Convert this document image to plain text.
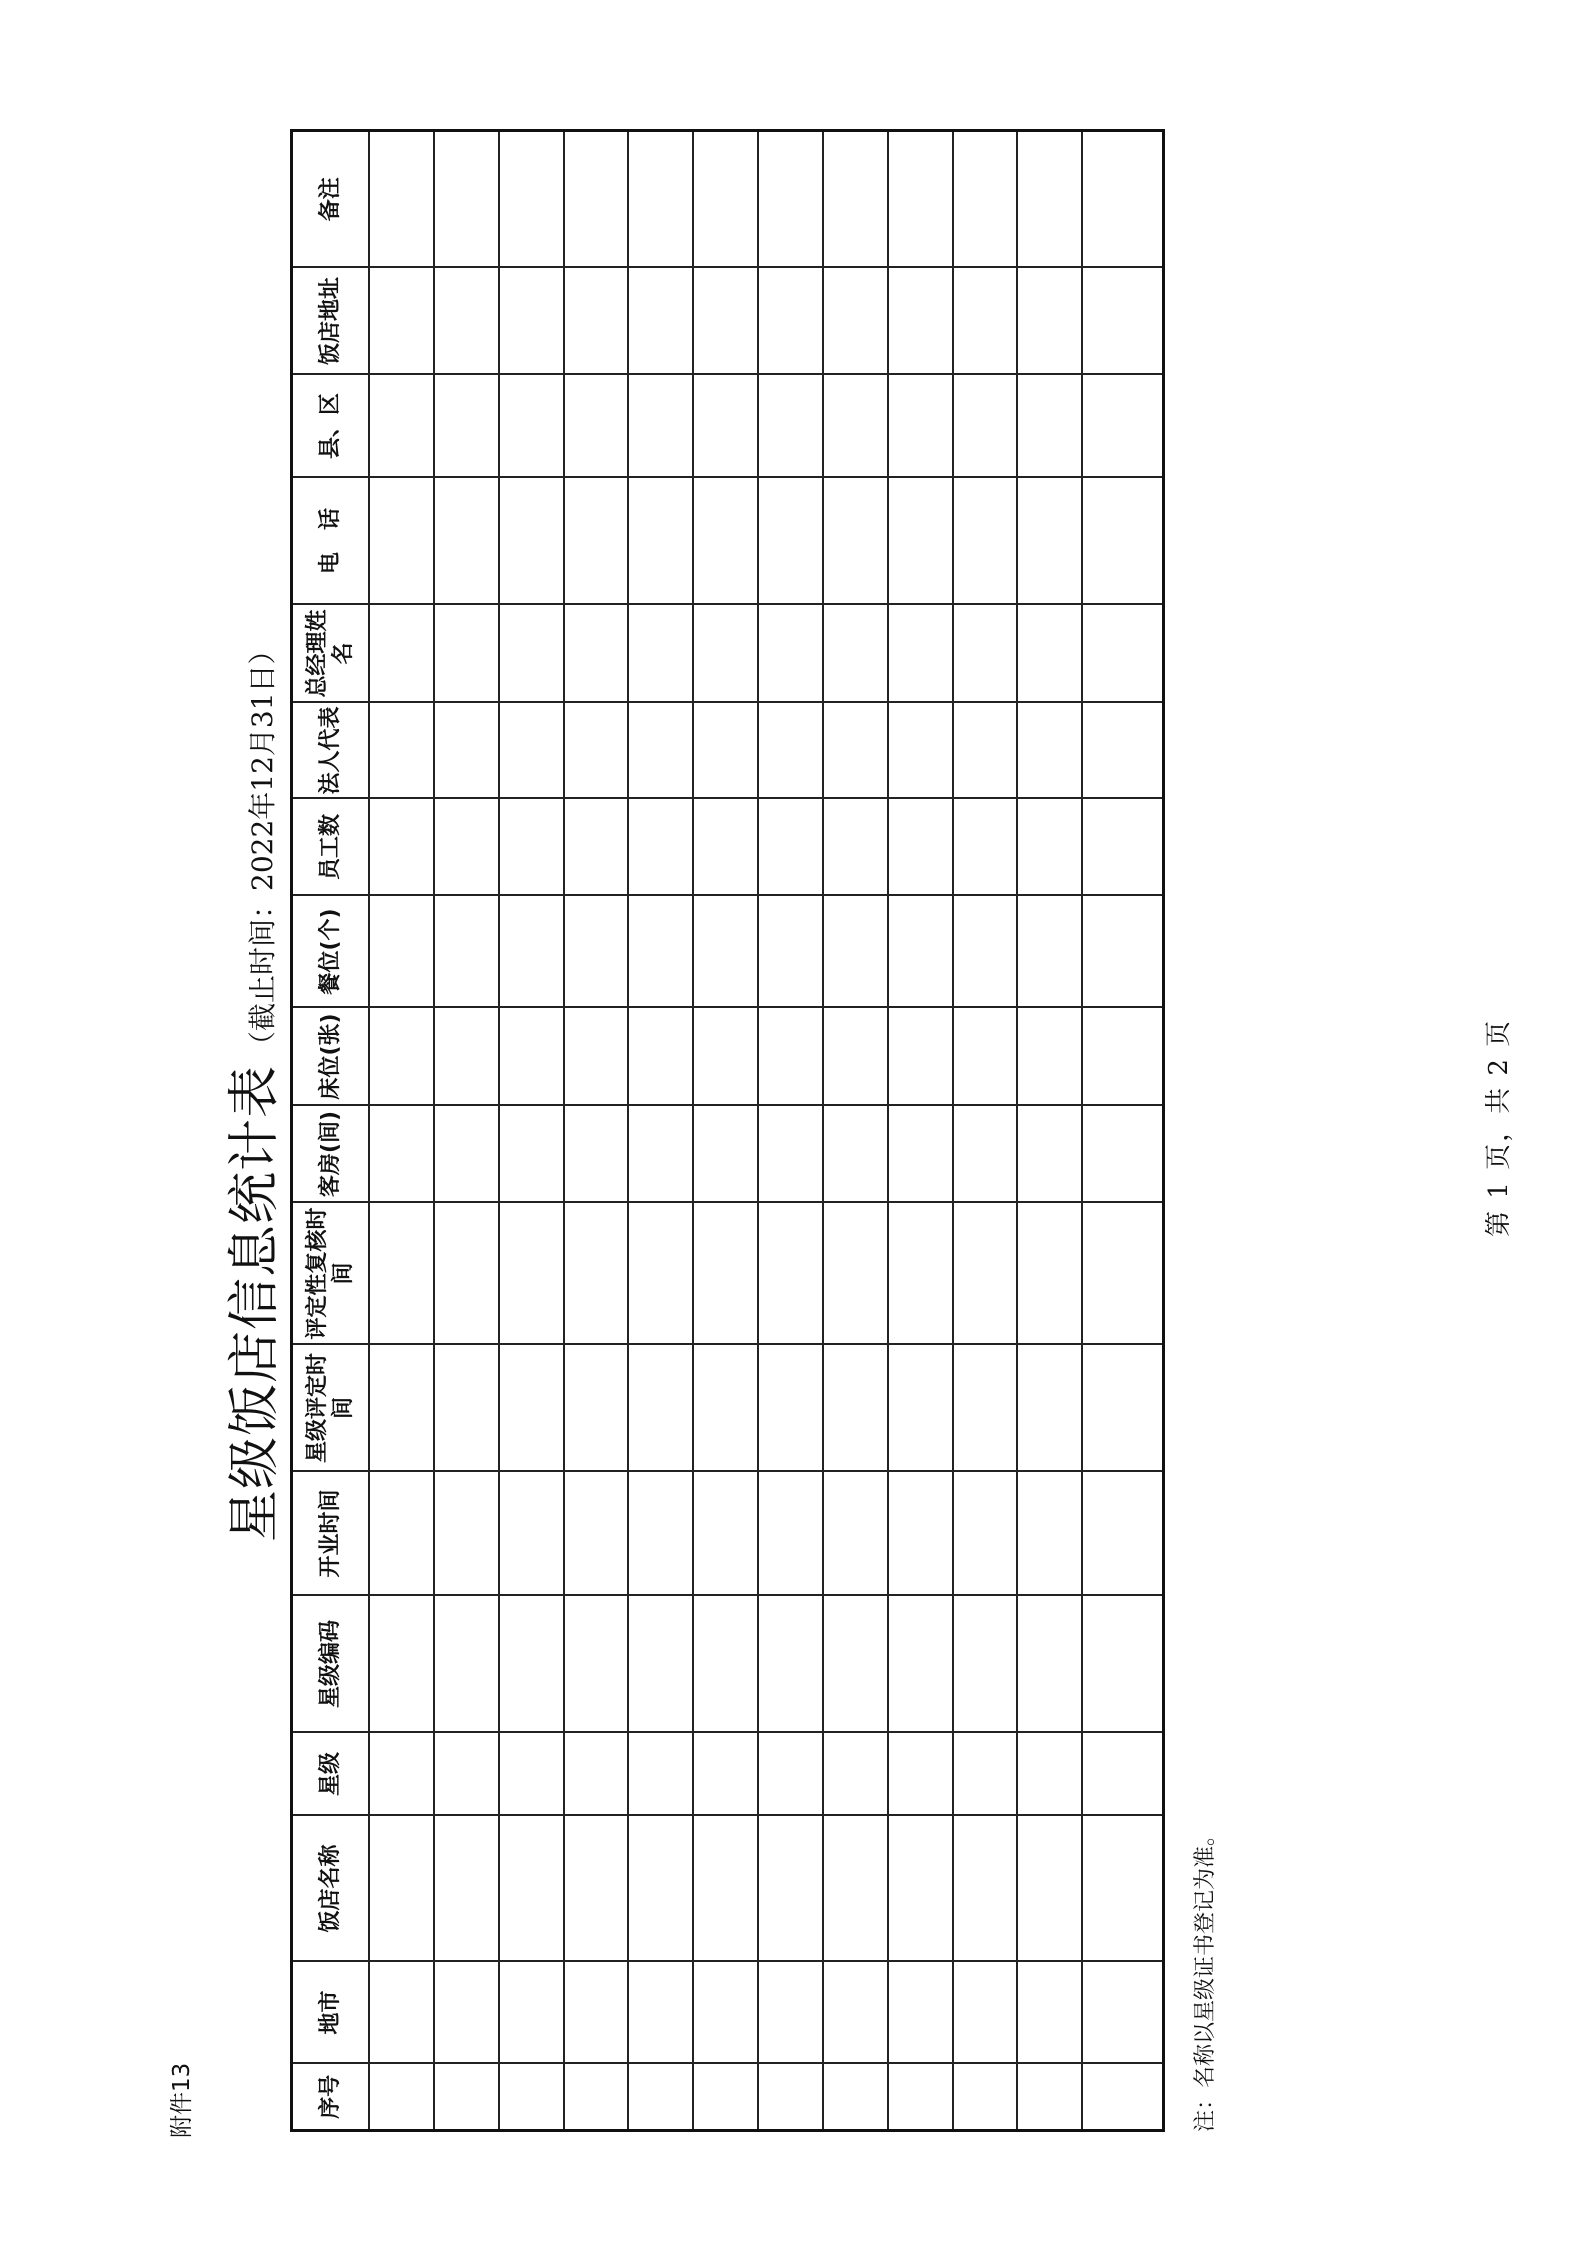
附件13
星级饭店信息统计表（截止时间：2022年12月31日）
序号	地市	饭店名称	星级	星级编码	开业时间	星级评定时间	评定性复核时间	客房(间)	床位(张)	餐位(个)	员工数	法人代表	总经理姓名	电　话	县、区	饭店地址	备注

注：名称以星级证书登记为准。
第 1 页，共 2 页
